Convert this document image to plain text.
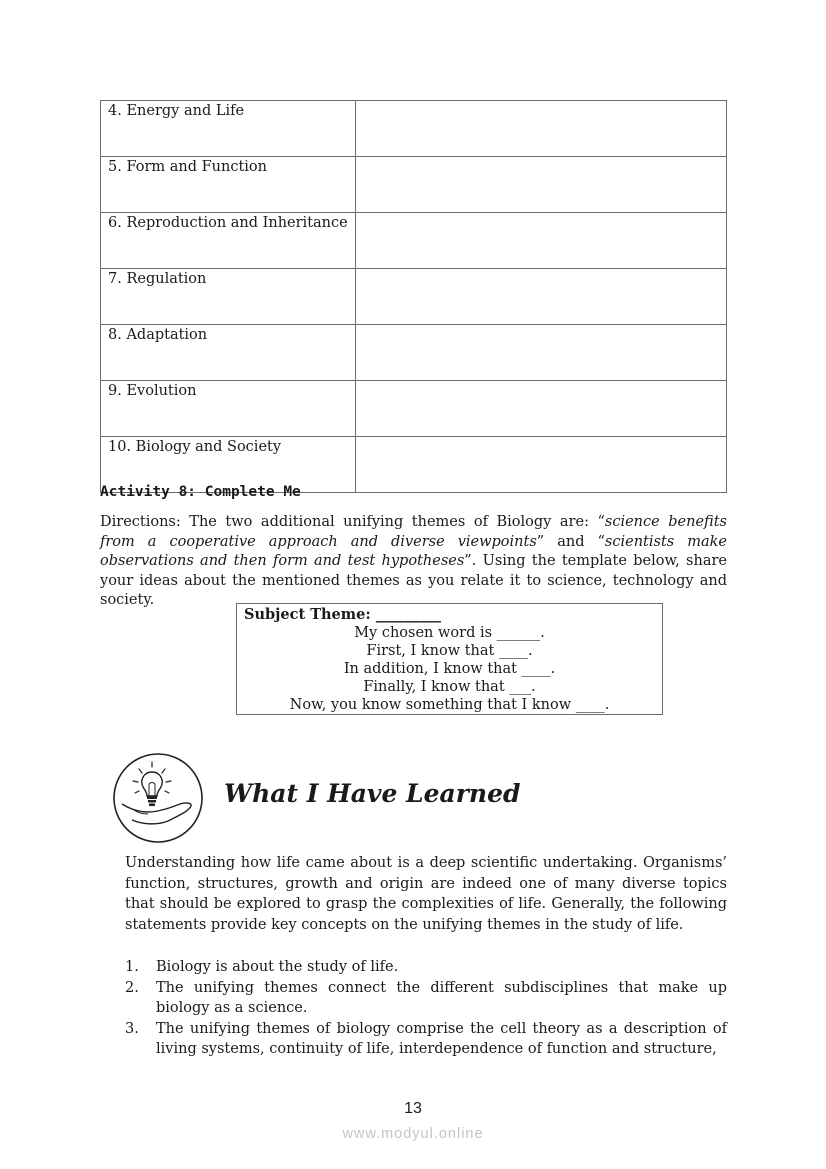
4. Energy and Life	
5. Form and Function	
6. Reproduction and Inheritance	
7. Regulation	
8. Adaptation	
9. Evolution	
10. Biology and Society	

Activity 8: Complete Me

Directions: The two additional unifying themes of Biology are: “science benefits from a cooperative approach and diverse viewpoints” and “scientists make observations and then form and test hypotheses”. Using the template below, share your ideas about the mentioned themes as you relate it to science, technology and society.

Subject Theme: _________

My chosen word is ______.

First, I know that ____.

In addition, I know that ____.

Finally, I know that ___.

Now, you know something that I know ____.

What I Have Learned

Understanding how life came about is a deep scientific undertaking. Organisms’ function, structures, growth and origin are indeed one of many diverse topics that should be explored to grasp the complexities of life. Generally, the following statements provide key concepts on the unifying themes in the study of life.

1.	Biology is about the study of life.
2.	The unifying themes connect the different subdisciplines that make up biology as a science.
3.	The unifying themes of biology comprise the cell theory as a description of living systems, continuity of life, interdependence of function and structure,

13

www.modyul.online
